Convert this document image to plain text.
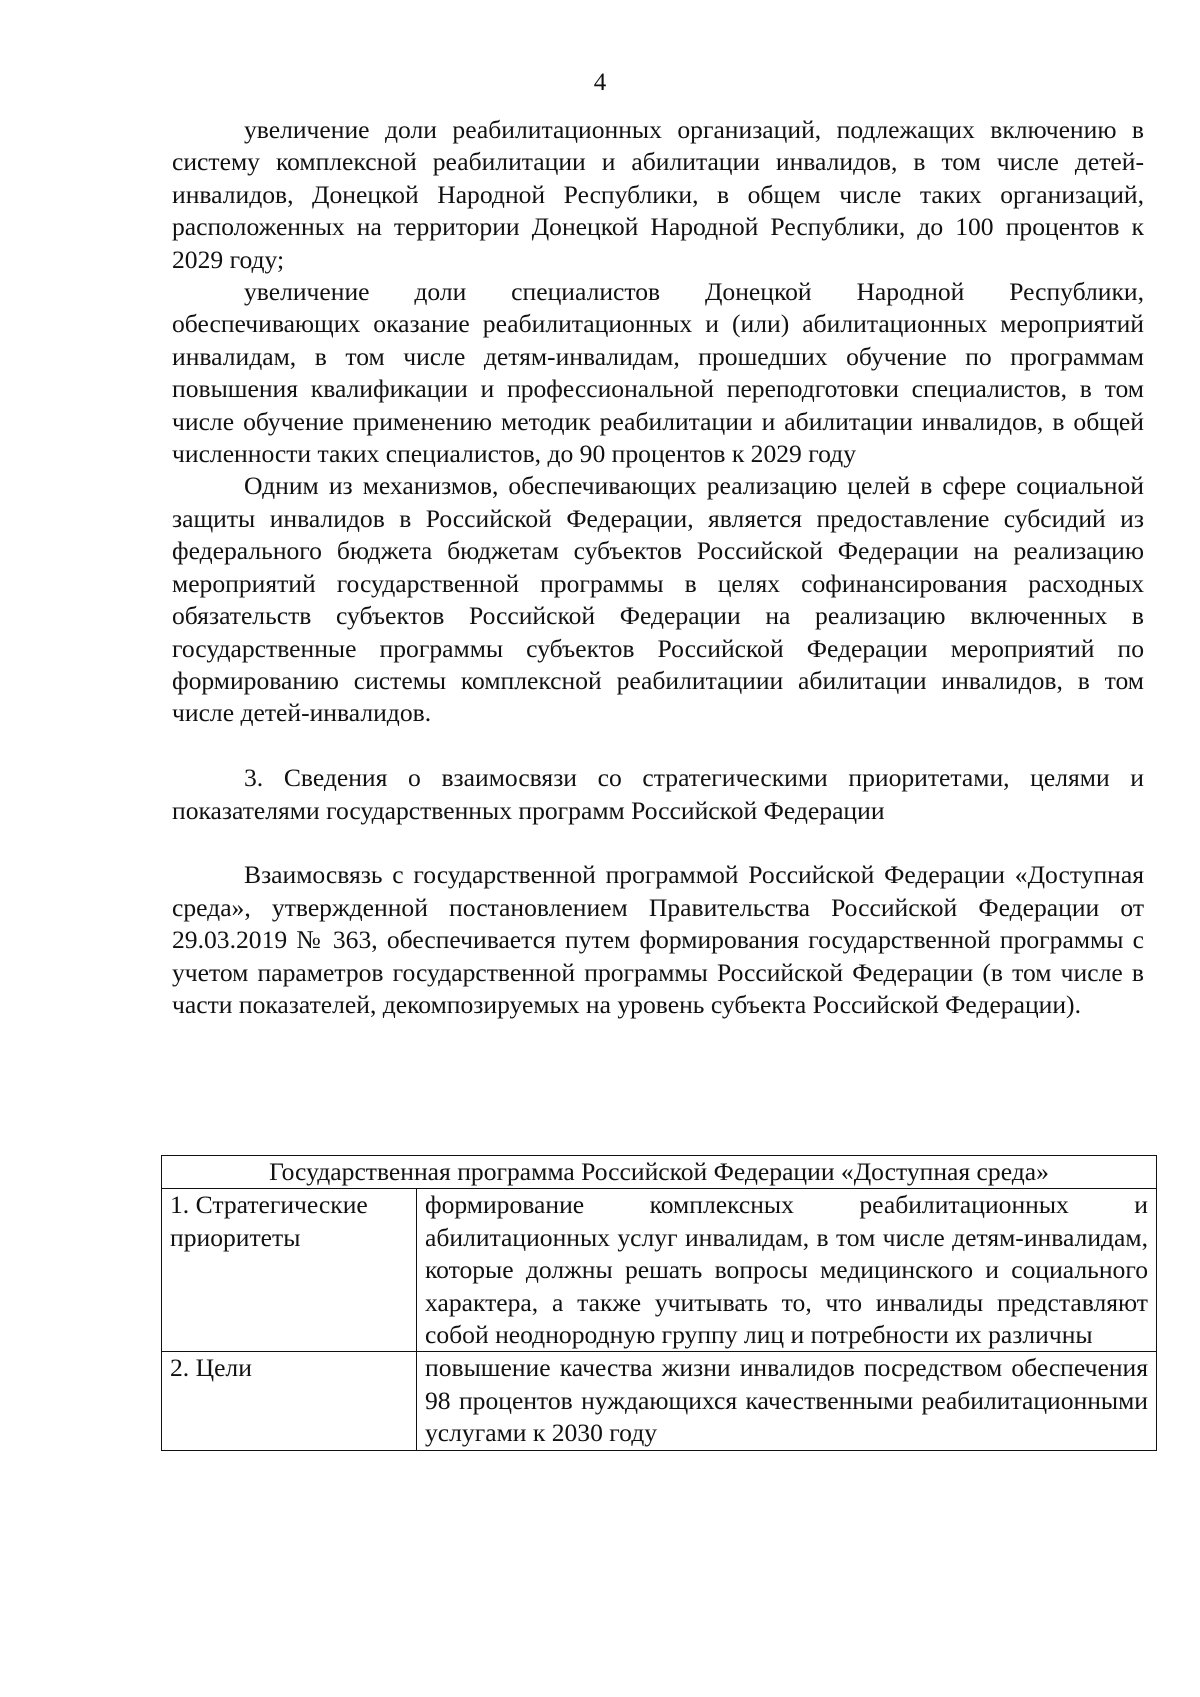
4

увеличение доли реабилитационных организаций, подлежащих включению в систему комплексной реабилитации и абилитации инвалидов, в том числе детей-инвалидов, Донецкой Народной Республики, в общем числе таких организаций, расположенных на территории Донецкой Народной Республики, до 100 процентов к 2029 году;

увеличение доли специалистов Донецкой Народной Республики, обеспечивающих оказание реабилитационных и (или) абилитационных мероприятий инвалидам, в том числе детям-инвалидам, прошедших обучение по программам повышения квалификации и профессиональной переподготовки специалистов, в том числе обучение применению методик реабилитации и абилитации инвалидов, в общей численности таких специалистов, до 90 процентов к 2029 году

Одним из механизмов, обеспечивающих реализацию целей в сфере социальной защиты инвалидов в Российской Федерации, является предоставление субсидий из федерального бюджета бюджетам субъектов Российской Федерации на реализацию мероприятий государственной программы в целях софинансирования расходных обязательств субъектов Российской Федерации на реализацию включенных в государственные программы субъектов Российской Федерации мероприятий по формированию системы комплексной реабилитациии абилитации инвалидов, в том числе детей-инвалидов.

3. Сведения о взаимосвязи со стратегическими приоритетами, целями и показателями государственных программ Российской Федерации

Взаимосвязь с государственной программой Российской Федерации «Доступная среда», утвержденной постановлением Правительства Российской Федерации от 29.03.2019 № 363, обеспечивается путем формирования государственной программы с учетом параметров государственной программы Российской Федерации (в том числе в части показателей, декомпозируемых на уровень субъекта Российской Федерации).

Государственная программа Российской Федерации «Доступная среда»	
1. Стратегические приоритеты	формирование комплексных реабилитационных и абилитационных услуг инвалидам, в том числе детям-инвалидам, которые должны решать вопросы медицинского и социального характера, а также учитывать то, что инвалиды представляют собой неоднородную группу лиц и потребности их различны
2. Цели	повышение качества жизни инвалидов посредством обеспечения 98 процентов нуждающихся качественными реабилитационными услугами к 2030 году
